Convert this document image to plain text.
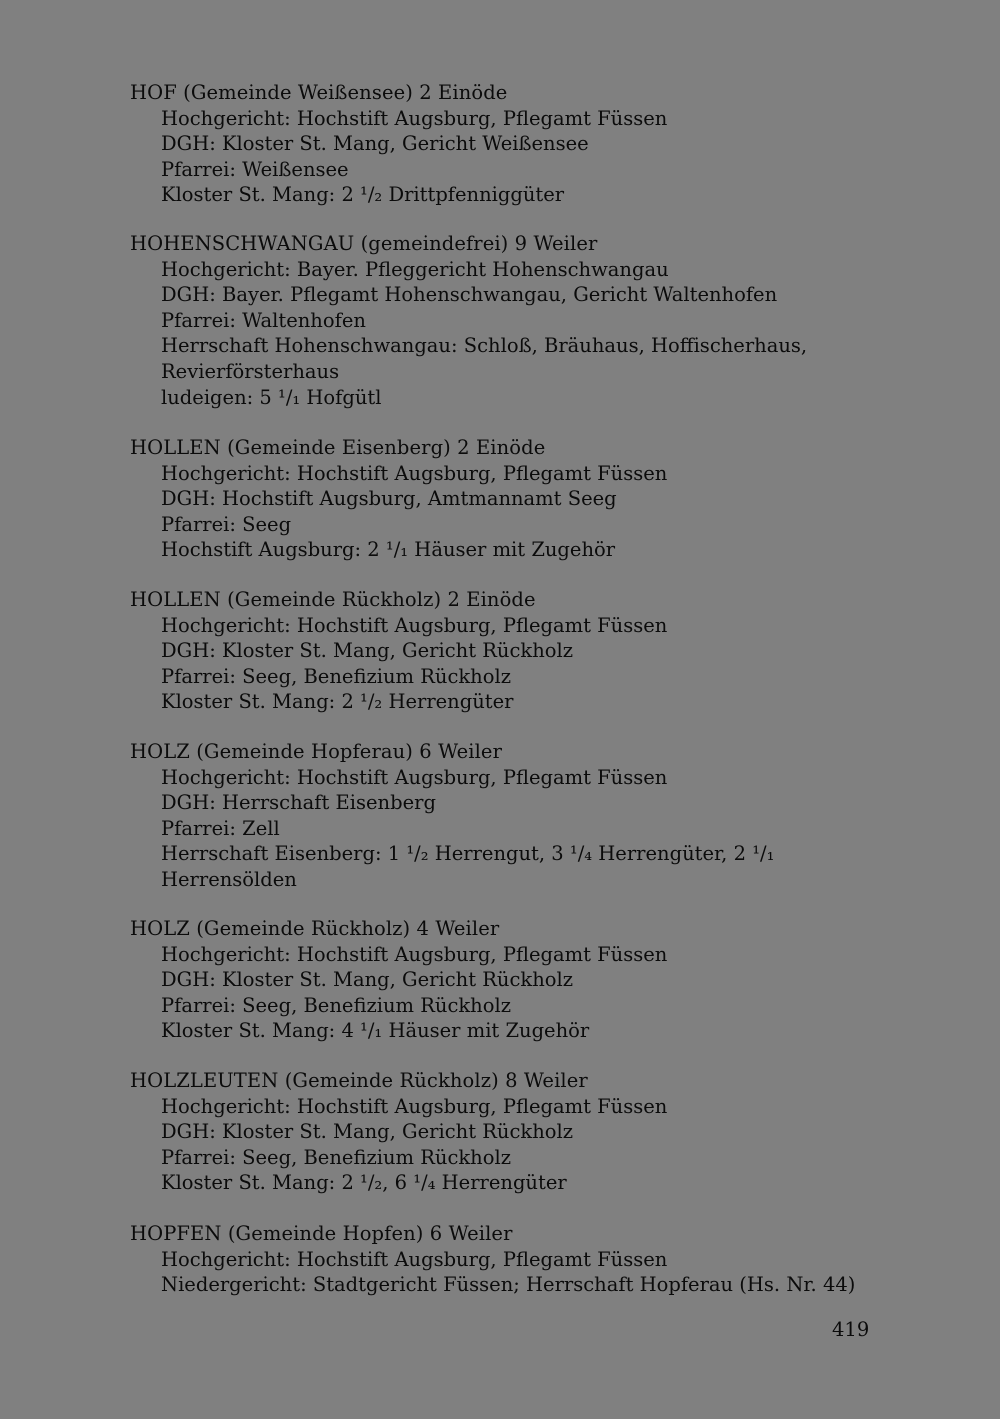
HOF (Gemeinde Weißensee) 2 Einöde
Hochgericht: Hochstift Augsburg, Pflegamt Füssen
DGH: Kloster St. Mang, Gericht Weißensee
Pfarrei: Weißensee
Kloster St. Mang: 2 ¹/₂ Drittpfenniggüter
HOHENSCHWANGAU (gemeindefrei) 9 Weiler
Hochgericht: Bayer. Pfleggericht Hohenschwangau
DGH: Bayer. Pflegamt Hohenschwangau, Gericht Waltenhofen
Pfarrei: Waltenhofen
Herrschaft Hohenschwangau: Schloß, Bräuhaus, Hoffischerhaus, Revierförsterhaus
ludeigen: 5 ¹/₁ Hofgütl
HOLLEN (Gemeinde Eisenberg) 2 Einöde
Hochgericht: Hochstift Augsburg, Pflegamt Füssen
DGH: Hochstift Augsburg, Amtmannamt Seeg
Pfarrei: Seeg
Hochstift Augsburg: 2 ¹/₁ Häuser mit Zugehör
HOLLEN (Gemeinde Rückholz) 2 Einöde
Hochgericht: Hochstift Augsburg, Pflegamt Füssen
DGH: Kloster St. Mang, Gericht Rückholz
Pfarrei: Seeg, Benefizium Rückholz
Kloster St. Mang: 2 ¹/₂ Herrengüter
HOLZ (Gemeinde Hopferau) 6 Weiler
Hochgericht: Hochstift Augsburg, Pflegamt Füssen
DGH: Herrschaft Eisenberg
Pfarrei: Zell
Herrschaft Eisenberg: 1 ¹/₂ Herrengut, 3 ¹/₄ Herrengüter, 2 ¹/₁ Herrensölden
HOLZ (Gemeinde Rückholz) 4 Weiler
Hochgericht: Hochstift Augsburg, Pflegamt Füssen
DGH: Kloster St. Mang, Gericht Rückholz
Pfarrei: Seeg, Benefizium Rückholz
Kloster St. Mang: 4 ¹/₁ Häuser mit Zugehör
HOLZLEUTEN (Gemeinde Rückholz) 8 Weiler
Hochgericht: Hochstift Augsburg, Pflegamt Füssen
DGH: Kloster St. Mang, Gericht Rückholz
Pfarrei: Seeg, Benefizium Rückholz
Kloster St. Mang: 2 ¹/₂, 6 ¹/₄ Herrengüter
HOPFEN (Gemeinde Hopfen) 6 Weiler
Hochgericht: Hochstift Augsburg, Pflegamt Füssen
Niedergericht: Stadtgericht Füssen; Herrschaft Hopferau (Hs. Nr. 44)
419
